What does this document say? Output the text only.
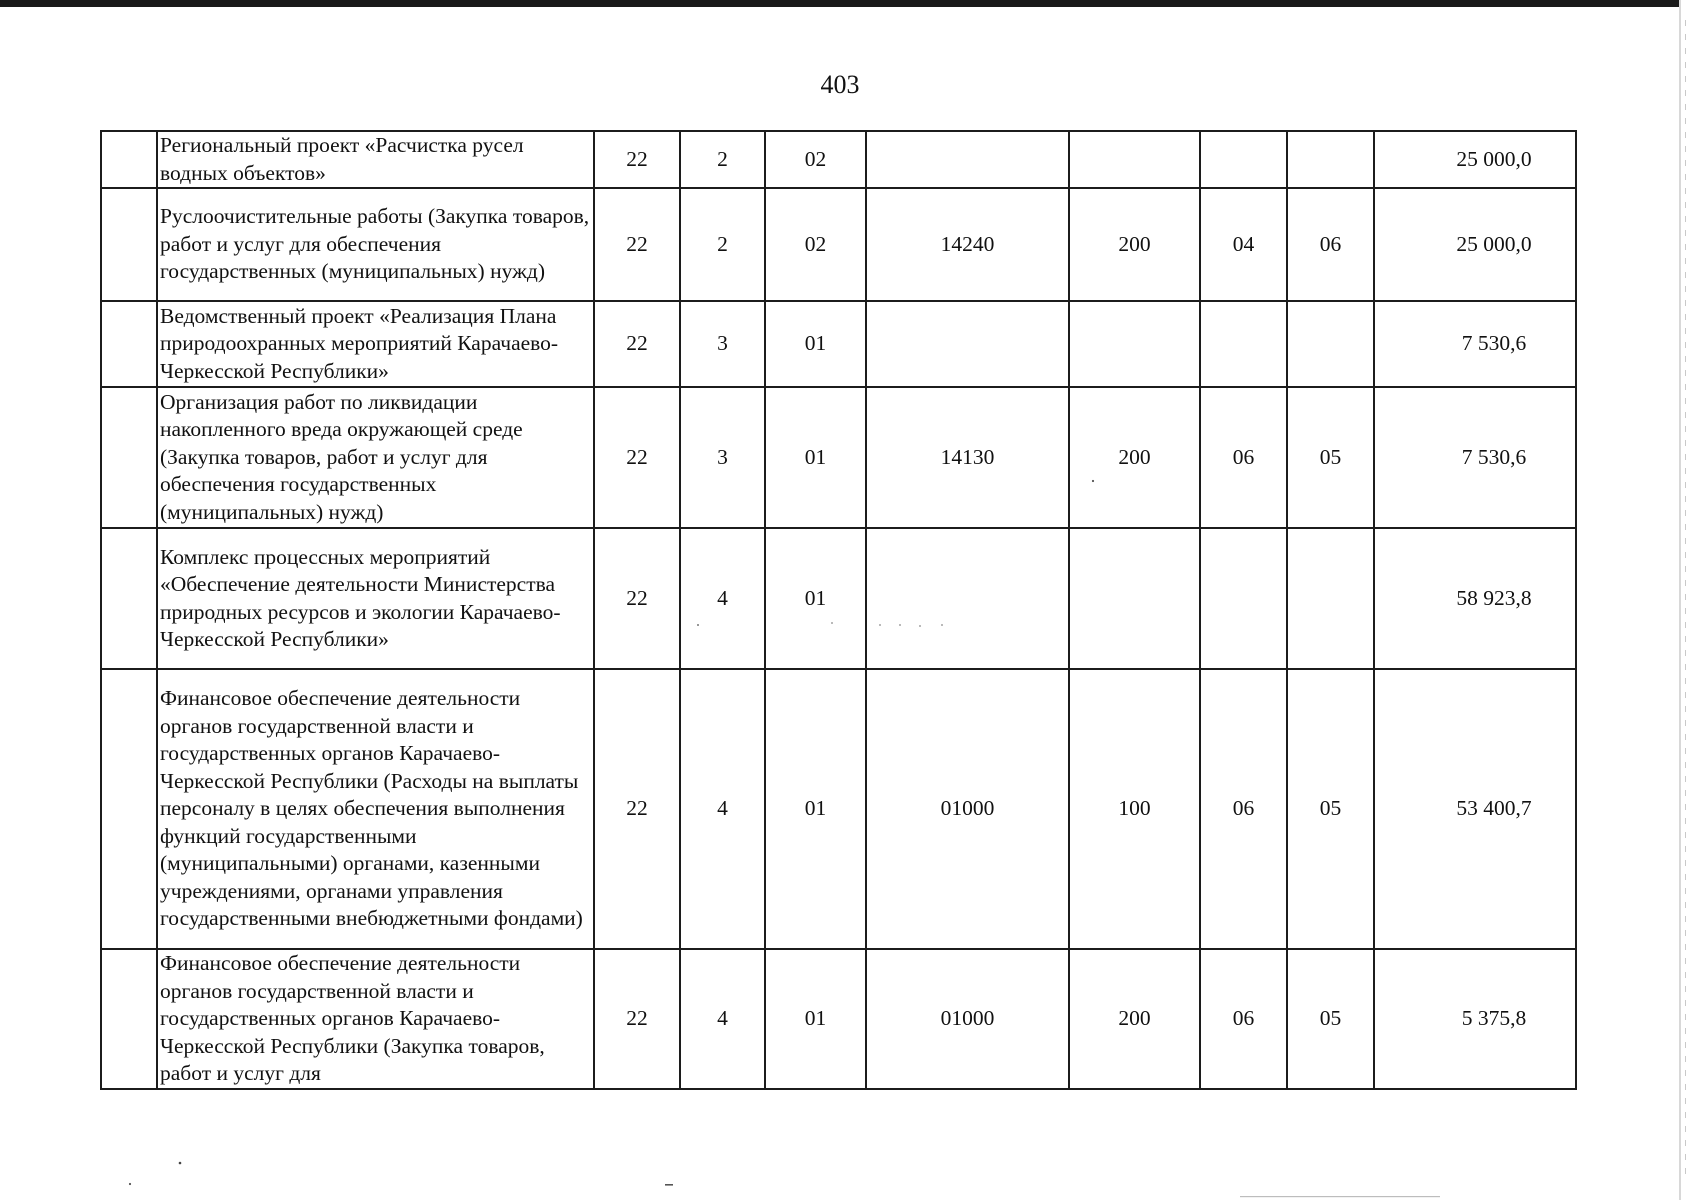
403
	Региональный проект «Расчистка русел водных объектов»	22	2	02					25 000,0
	Руслоочистительные работы (Закупка товаров, работ и услуг для обеспечения государственных (муниципальных) нужд)	22	2	02	14240	200	04	06	25 000,0
	Ведомственный проект «Реализация Плана природоохранных мероприятий Карачаево-Черкесской Республики»	22	3	01					7 530,6
	Организация работ по ликвидации накопленного вреда окружающей среде (Закупка товаров, работ и услуг для обеспечения государственных (муниципальных) нужд)	22	3	01	14130	200	06	05	7 530,6
	Комплекс процессных мероприятий «Обеспечение деятельности Министерства природных ресурсов и экологии Карачаево-Черкесской Республики»	22	4	01					58 923,8
	Финансовое обеспечение деятельности органов государственной власти и государственных органов Карачаево-Черкесской Республики (Расходы на выплаты персоналу в целях обеспечения выполнения функций государственными (муниципальными) органами, казенными учреждениями, органами управления государственными внебюджетными фондами)	22	4	01	01000	100	06	05	53 400,7
	Финансовое обеспечение деятельности органов государственной власти и государственных органов Карачаево-Черкесской Республики (Закупка товаров, работ и услуг для	22	4	01	01000	200	06	05	5 375,8
